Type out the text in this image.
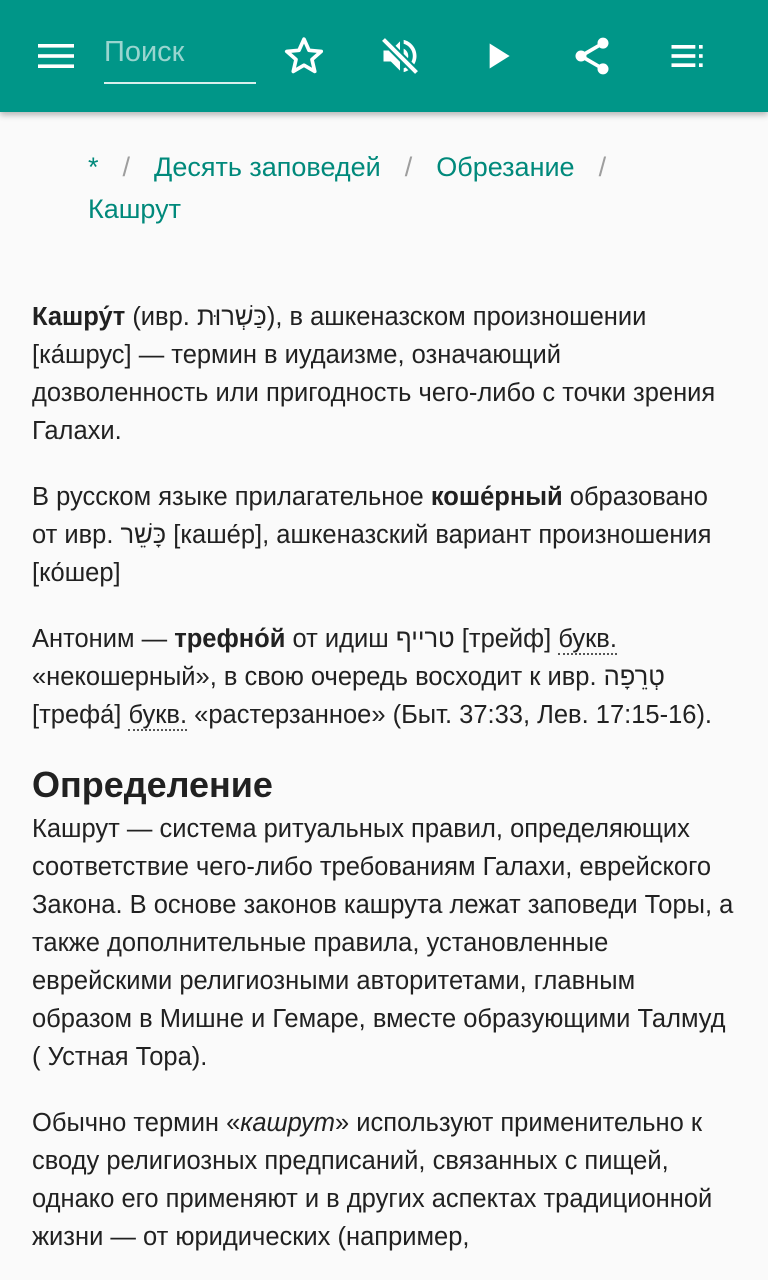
Поиск
* / Десять заповедей / Обрезание /
Кашрут

Кашру́т (ивр. כַּשְׁרוּת), в ашкеназском произношении [ка́шрус] — термин в иудаизме, означающий дозволенность или пригодность чего-либо с точки зрения Галахи.

В русском языке прилагательное коше́рный образовано от ивр. כָּשֵׁר [каше́р], ашкеназский вариант произношения [ко́шер]

Антоним — трефно́й от идиш טרייף [трейф] букв. «некошерный», в свою очередь восходит к ивр. טְרֵפָה [трефа́] букв. «растерзанное» (Быт. 37:33, Лев. 17:15-16).

Определение

Кашрут — система ритуальных правил, определяющих соответствие чего-либо требованиям Галахи, еврейского Закона. В основе законов кашрута лежат заповеди Торы, а также дополнительные правила, установленные еврейскими религиозными авторитетами, главным образом в Мишне и Гемаре, вместе образующими Талмуд ( Устная Тора).

Обычно термин «кашрут» используют применительно к своду религиозных предписаний, связанных с пищей, однако его применяют и в других аспектах традиционной жизни — от юридических (например,
